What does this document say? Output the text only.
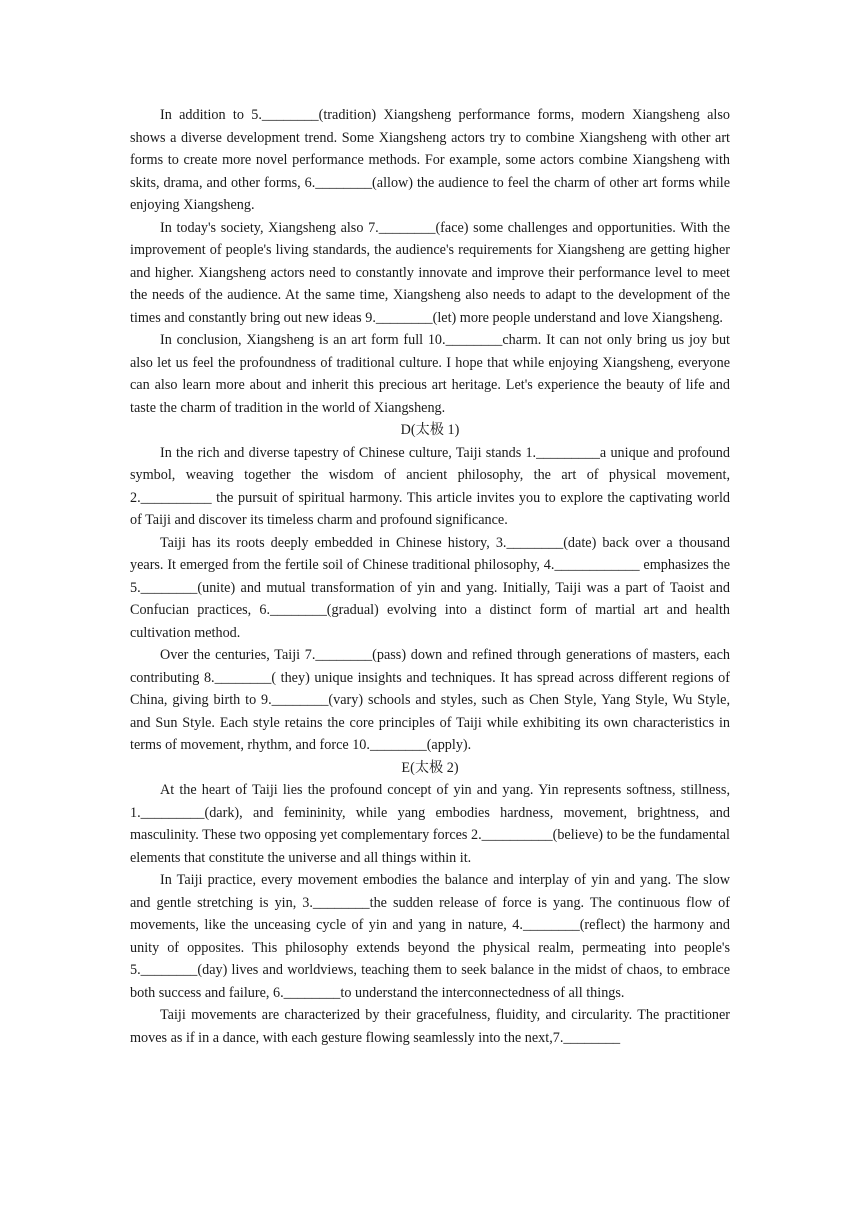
In addition to 5.________(tradition) Xiangsheng performance forms, modern Xiangsheng also shows a diverse development trend. Some Xiangsheng actors try to combine Xiangsheng with other art forms to create more novel performance methods. For example, some actors combine Xiangsheng with skits, drama, and other forms, 6.________(allow) the audience to feel the charm of other art forms while enjoying Xiangsheng.

In today's society, Xiangsheng also 7.________(face) some challenges and opportunities. With the improvement of people's living standards, the audience's requirements for Xiangsheng are getting higher and higher. Xiangsheng actors need to constantly innovate and improve their performance level to meet the needs of the audience. At the same time, Xiangsheng also needs to adapt to the development of the times and constantly bring out new ideas 9.________(let) more people understand and love Xiangsheng.

In conclusion, Xiangsheng is an art form full 10.________charm. It can not only bring us joy but also let us feel the profoundness of traditional culture. I hope that while enjoying Xiangsheng, everyone can also learn more about and inherit this precious art heritage. Let's experience the beauty of life and taste the charm of tradition in the world of Xiangsheng.

D(太极 1)

In the rich and diverse tapestry of Chinese culture, Taiji stands 1._________a unique and profound symbol, weaving together the wisdom of ancient philosophy, the art of physical movement, 2.__________ the pursuit of spiritual harmony. This article invites you to explore the captivating world of Taiji and discover its timeless charm and profound significance.

Taiji has its roots deeply embedded in Chinese history, 3.________(date) back over a thousand years. It emerged from the fertile soil of Chinese traditional philosophy, 4.____________ emphasizes the 5.________(unite) and mutual transformation of yin and yang. Initially, Taiji was a part of Taoist and Confucian practices, 6.________(gradual) evolving into a distinct form of martial art and health cultivation method.

Over the centuries, Taiji 7.________(pass) down and refined through generations of masters, each contributing 8.________( they) unique insights and techniques. It has spread across different regions of China, giving birth to 9.________(vary) schools and styles, such as Chen Style, Yang Style, Wu Style, and Sun Style. Each style retains the core principles of Taiji while exhibiting its own characteristics in terms of movement, rhythm, and force 10.________(apply).

E(太极 2)

At the heart of Taiji lies the profound concept of yin and yang. Yin represents softness, stillness, 1._________(dark), and femininity, while yang embodies hardness, movement, brightness, and masculinity. These two opposing yet complementary forces 2.__________(believe) to be the fundamental elements that constitute the universe and all things within it.

In Taiji practice, every movement embodies the balance and interplay of yin and yang. The slow and gentle stretching is yin, 3.________the sudden release of force is yang. The continuous flow of movements, like the unceasing cycle of yin and yang in nature, 4.________(reflect) the harmony and unity of opposites. This philosophy extends beyond the physical realm, permeating into people's 5.________(day) lives and worldviews, teaching them to seek balance in the midst of chaos, to embrace both success and failure, 6.________to understand the interconnectedness of all things.

Taiji movements are characterized by their gracefulness, fluidity, and circularity. The practitioner moves as if in a dance, with each gesture flowing seamlessly into the next,7.________
